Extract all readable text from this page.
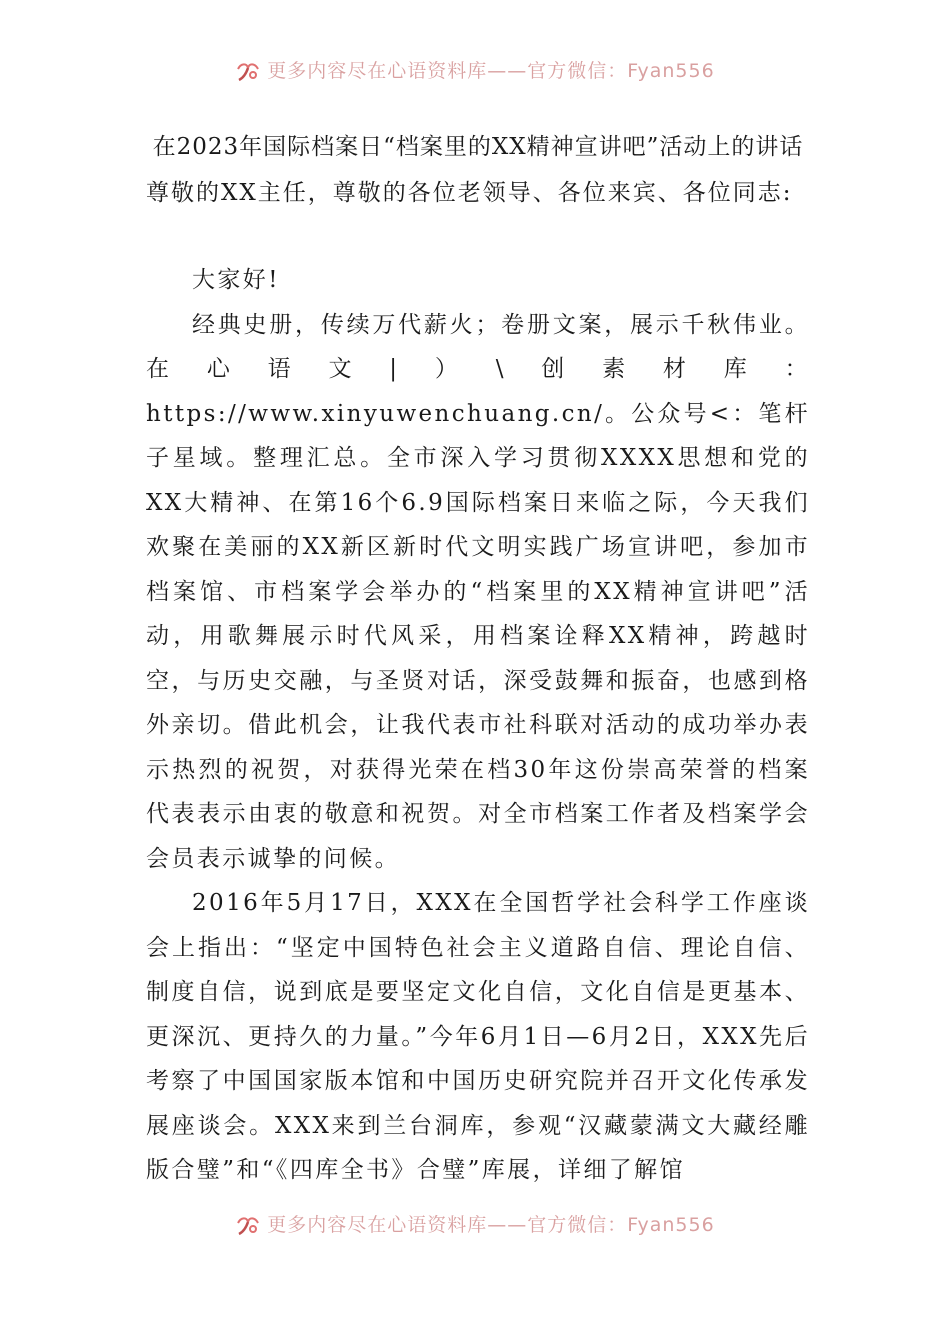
更多内容尽在心语资料库——官方微信：Fyan556
在2023年国际档案日“档案里的XX精神宣讲吧”活动上的讲话

尊敬的XX主任，尊敬的各位老领导、各位来宾、各位同志:

大家好!

经典史册，传续万代薪火；卷册文案，展示千秋伟业。在心语文|）\创素材库：https://www.xinyuwenchuang.cn/。公众号<：笔杆子星域。整理汇总。全市深入学习贯彻XXXX思想和党的XX大精神、在第16个6.9国际档案日来临之际，今天我们欢聚在美丽的XX新区新时代文明实践广场宣讲吧，参加市档案馆、市档案学会举办的“档案里的XX精神宣讲吧”活动，用歌舞展示时代风采，用档案诠释XX精神，跨越时空，与历史交融，与圣贤对话，深受鼓舞和振奋，也感到格外亲切。借此机会，让我代表市社科联对活动的成功举办表示热烈的祝贺，对获得光荣在档30年这份崇高荣誉的档案代表表示由衷的敬意和祝贺。对全市档案工作者及档案学会会员表示诚挚的问候。

2016年5月17日，XXX在全国哲学社会科学工作座谈会上指出：“坚定中国特色社会主义道路自信、理论自信、制度自信，说到底是要坚定文化自信，文化自信是更基本、更深沉、更持久的力量。”今年6月1日—6月2日，XXX先后考察了中国国家版本馆和中国历史研究院并召开文化传承发展座谈会。XXX来到兰台洞库，参观“汉藏蒙满文大藏经雕版合璧”和“《四库全书》合璧”库展，详细了解馆

更多内容尽在心语资料库——官方微信：Fyan556
